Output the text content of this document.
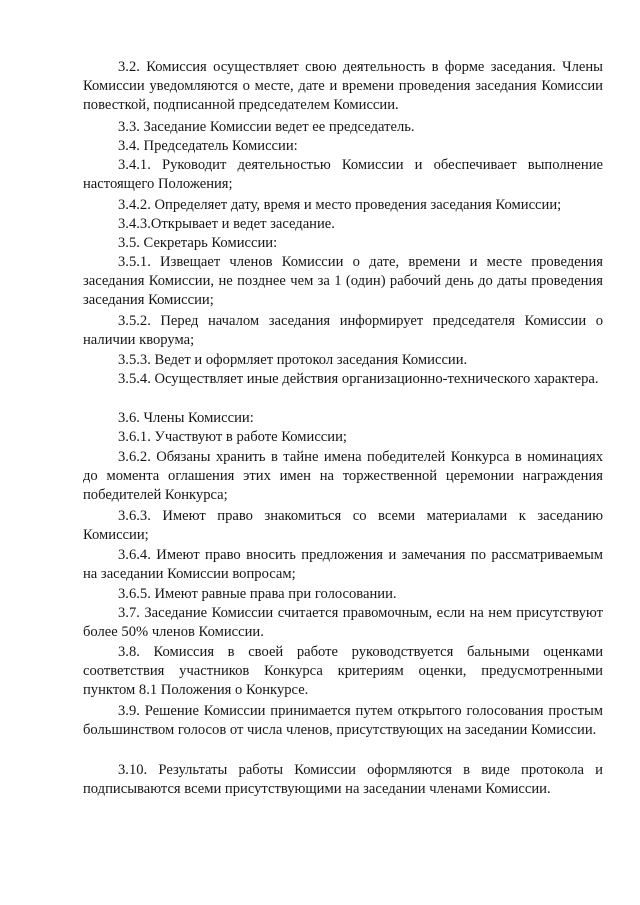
3.2. Комиссия осуществляет свою деятельность в форме заседания. Члены Комиссии уведомляются о месте, дате и времени проведения заседания Комиссии повесткой, подписанной председателем Комиссии.

3.3. Заседание Комиссии ведет ее председатель.

3.4. Председатель Комиссии:

3.4.1. Руководит деятельностью Комиссии и обеспечивает выполнение настоящего Положения;

3.4.2. Определяет дату, время и место проведения заседания Комиссии;

3.4.3.Открывает и ведет заседание.

3.5. Секретарь Комиссии:

3.5.1. Извещает членов Комиссии о дате, времени и месте проведения заседания Комиссии, не позднее чем за 1 (один) рабочий день до даты проведения заседания Комиссии;

3.5.2. Перед началом заседания информирует председателя Комиссии о наличии кворума;

3.5.3. Ведет и оформляет протокол заседания Комиссии.

3.5.4. Осуществляет иные действия организационно-технического характера.

3.6. Члены Комиссии:

3.6.1. Участвуют в работе Комиссии;

3.6.2. Обязаны хранить в тайне имена победителей Конкурса в номинациях до момента оглашения этих имен на торжественной церемонии награждения победителей Конкурса;

3.6.3. Имеют право знакомиться со всеми материалами к заседанию Комиссии;

3.6.4. Имеют право вносить предложения и замечания по рассматриваемым на заседании Комиссии вопросам;

3.6.5. Имеют равные права при голосовании.

3.7. Заседание Комиссии считается правомочным, если на нем присутствуют более 50% членов Комиссии.

3.8. Комиссия в своей работе руководствуется бальными оценками соответствия участников Конкурса критериям оценки, предусмотренными пунктом 8.1 Положения о Конкурсе.

3.9. Решение Комиссии принимается путем открытого голосования простым большинством голосов от числа членов, присутствующих на заседании Комиссии.

3.10. Результаты работы Комиссии оформляются в виде протокола и подписываются всеми присутствующими на заседании членами Комиссии.
